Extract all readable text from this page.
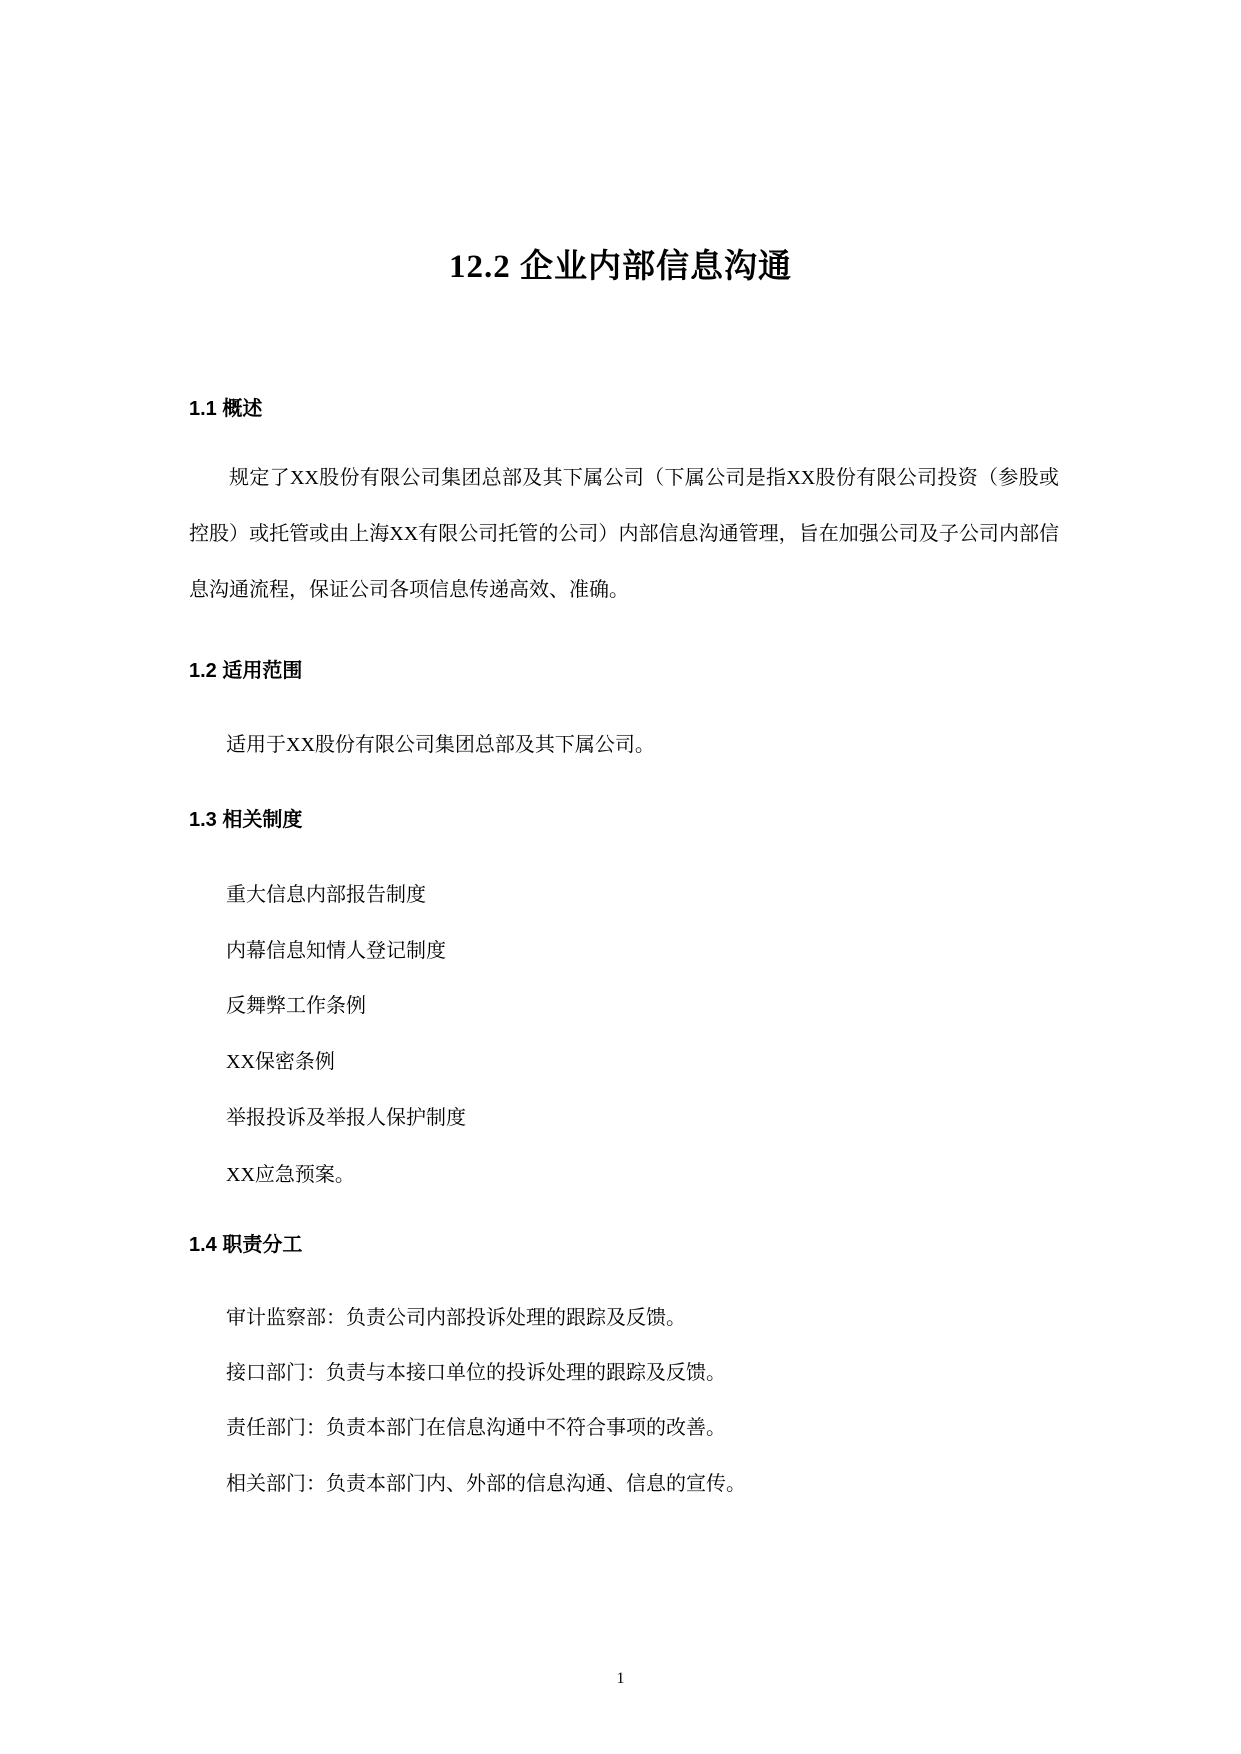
12.2 企业内部信息沟通
1.1 概述

规定了XX股份有限公司集团总部及其下属公司（下属公司是指XX股份有限公司投资（参股或控股）或托管或由上海XX有限公司托管的公司）内部信息沟通管理，旨在加强公司及子公司内部信息沟通流程，保证公司各项信息传递高效、准确。

1.2 适用范围

适用于XX股份有限公司集团总部及其下属公司。

1.3 相关制度

重大信息内部报告制度

内幕信息知情人登记制度

反舞弊工作条例

XX保密条例

举报投诉及举报人保护制度

XX应急预案。

1.4 职责分工

审计监察部：负责公司内部投诉处理的跟踪及反馈。

接口部门：负责与本接口单位的投诉处理的跟踪及反馈。

责任部门：负责本部门在信息沟通中不符合事项的改善。

相关部门：负责本部门内、外部的信息沟通、信息的宣传。

1
